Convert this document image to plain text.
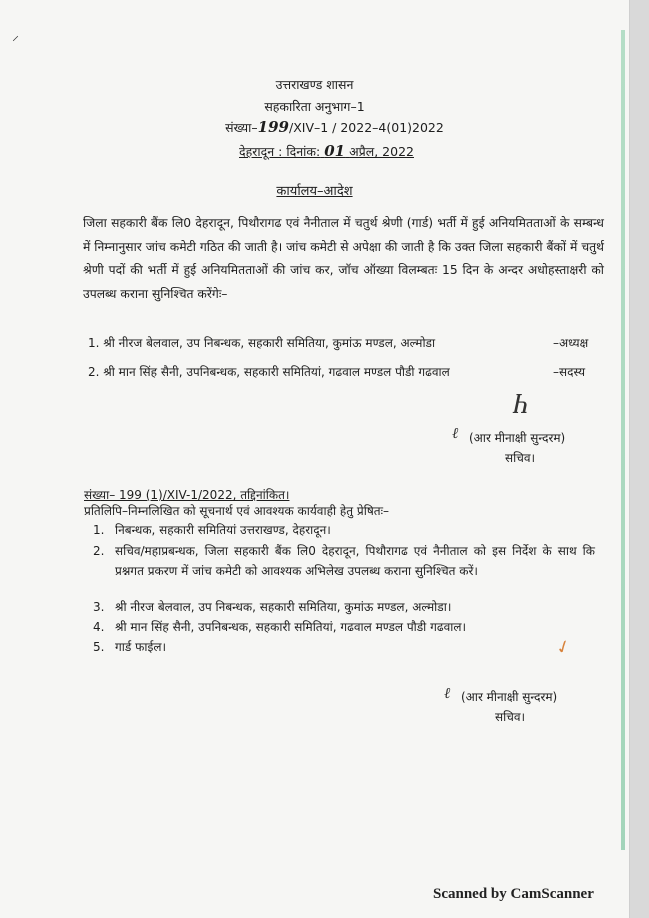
⸝
उत्तराखण्ड शासन
सहकारिता अनुभाग–1
संख्या–199/XIV–1 / 2022–4(01)2022
देहरादून : दिनांक: 01 अप्रैल, 2022
कार्यालय–आदेश
जिला सहकारी बैंक लि0 देहरादून, पिथौरागढ एवं नैनीताल में चतुर्थ श्रेणी (गार्ड) भर्ती में हुई अनियमितताओं के सम्बन्ध में निम्नानुसार जांच कमेटी गठित की जाती है। जांच कमेटी से अपेक्षा की जाती है कि उक्त जिला सहकारी बैंकों में चतुर्थ श्रेणी पदों की भर्ती में हुई अनियमितताओं की जांच कर, जॉच ऑख्या विलम्बतः 15 दिन के अन्दर अधोहस्ताक्षरी को उपलब्ध कराना सुनिश्चित करेंगेः–
1. श्री नीरज बेलवाल, उप निबन्धक, सहकारी समितिया, कुमांऊ मण्डल, अल्मोडा	–अध्यक्ष
2. श्री मान सिंह सैनी, उपनिबन्धक, सहकारी समितियां, गढवाल मण्डल पौडी गढवाल	–सदस्य
Ⴙ
ℓ (आर मीनाक्षी सुन्दरम)
सचिव।
संख्या– 199 (1)/XIV-1/2022, तद्दिनांकित।
प्रतिलिपि–निम्नलिखित को सूचनार्थ एवं आवश्यक कार्यवाही हेतु प्रेषितः–
1. निबन्धक, सहकारी समितियां उत्तराखण्ड, देहरादून।
2. सचिव/महाप्रबन्धक, जिला सहकारी बैंक लि0 देहरादून, पिथौरागढ एवं नैनीताल को इस निर्देश के साथ कि प्रश्नगत प्रकरण में जांच कमेटी को आवश्यक अभिलेख उपलब्ध कराना सुनिश्चित करें।
3. श्री नीरज बेलवाल, उप निबन्धक, सहकारी समितिया, कुमांऊ मण्डल, अल्मोडा।
4. श्री मान सिंह सैनी, उपनिबन्धक, सहकारी समितियां, गढवाल मण्डल पौडी गढवाल।
5. गार्ड फाईल।	✓
ℓ (आर मीनाक्षी सुन्दरम)
सचिव।
Scanned by CamScanner
